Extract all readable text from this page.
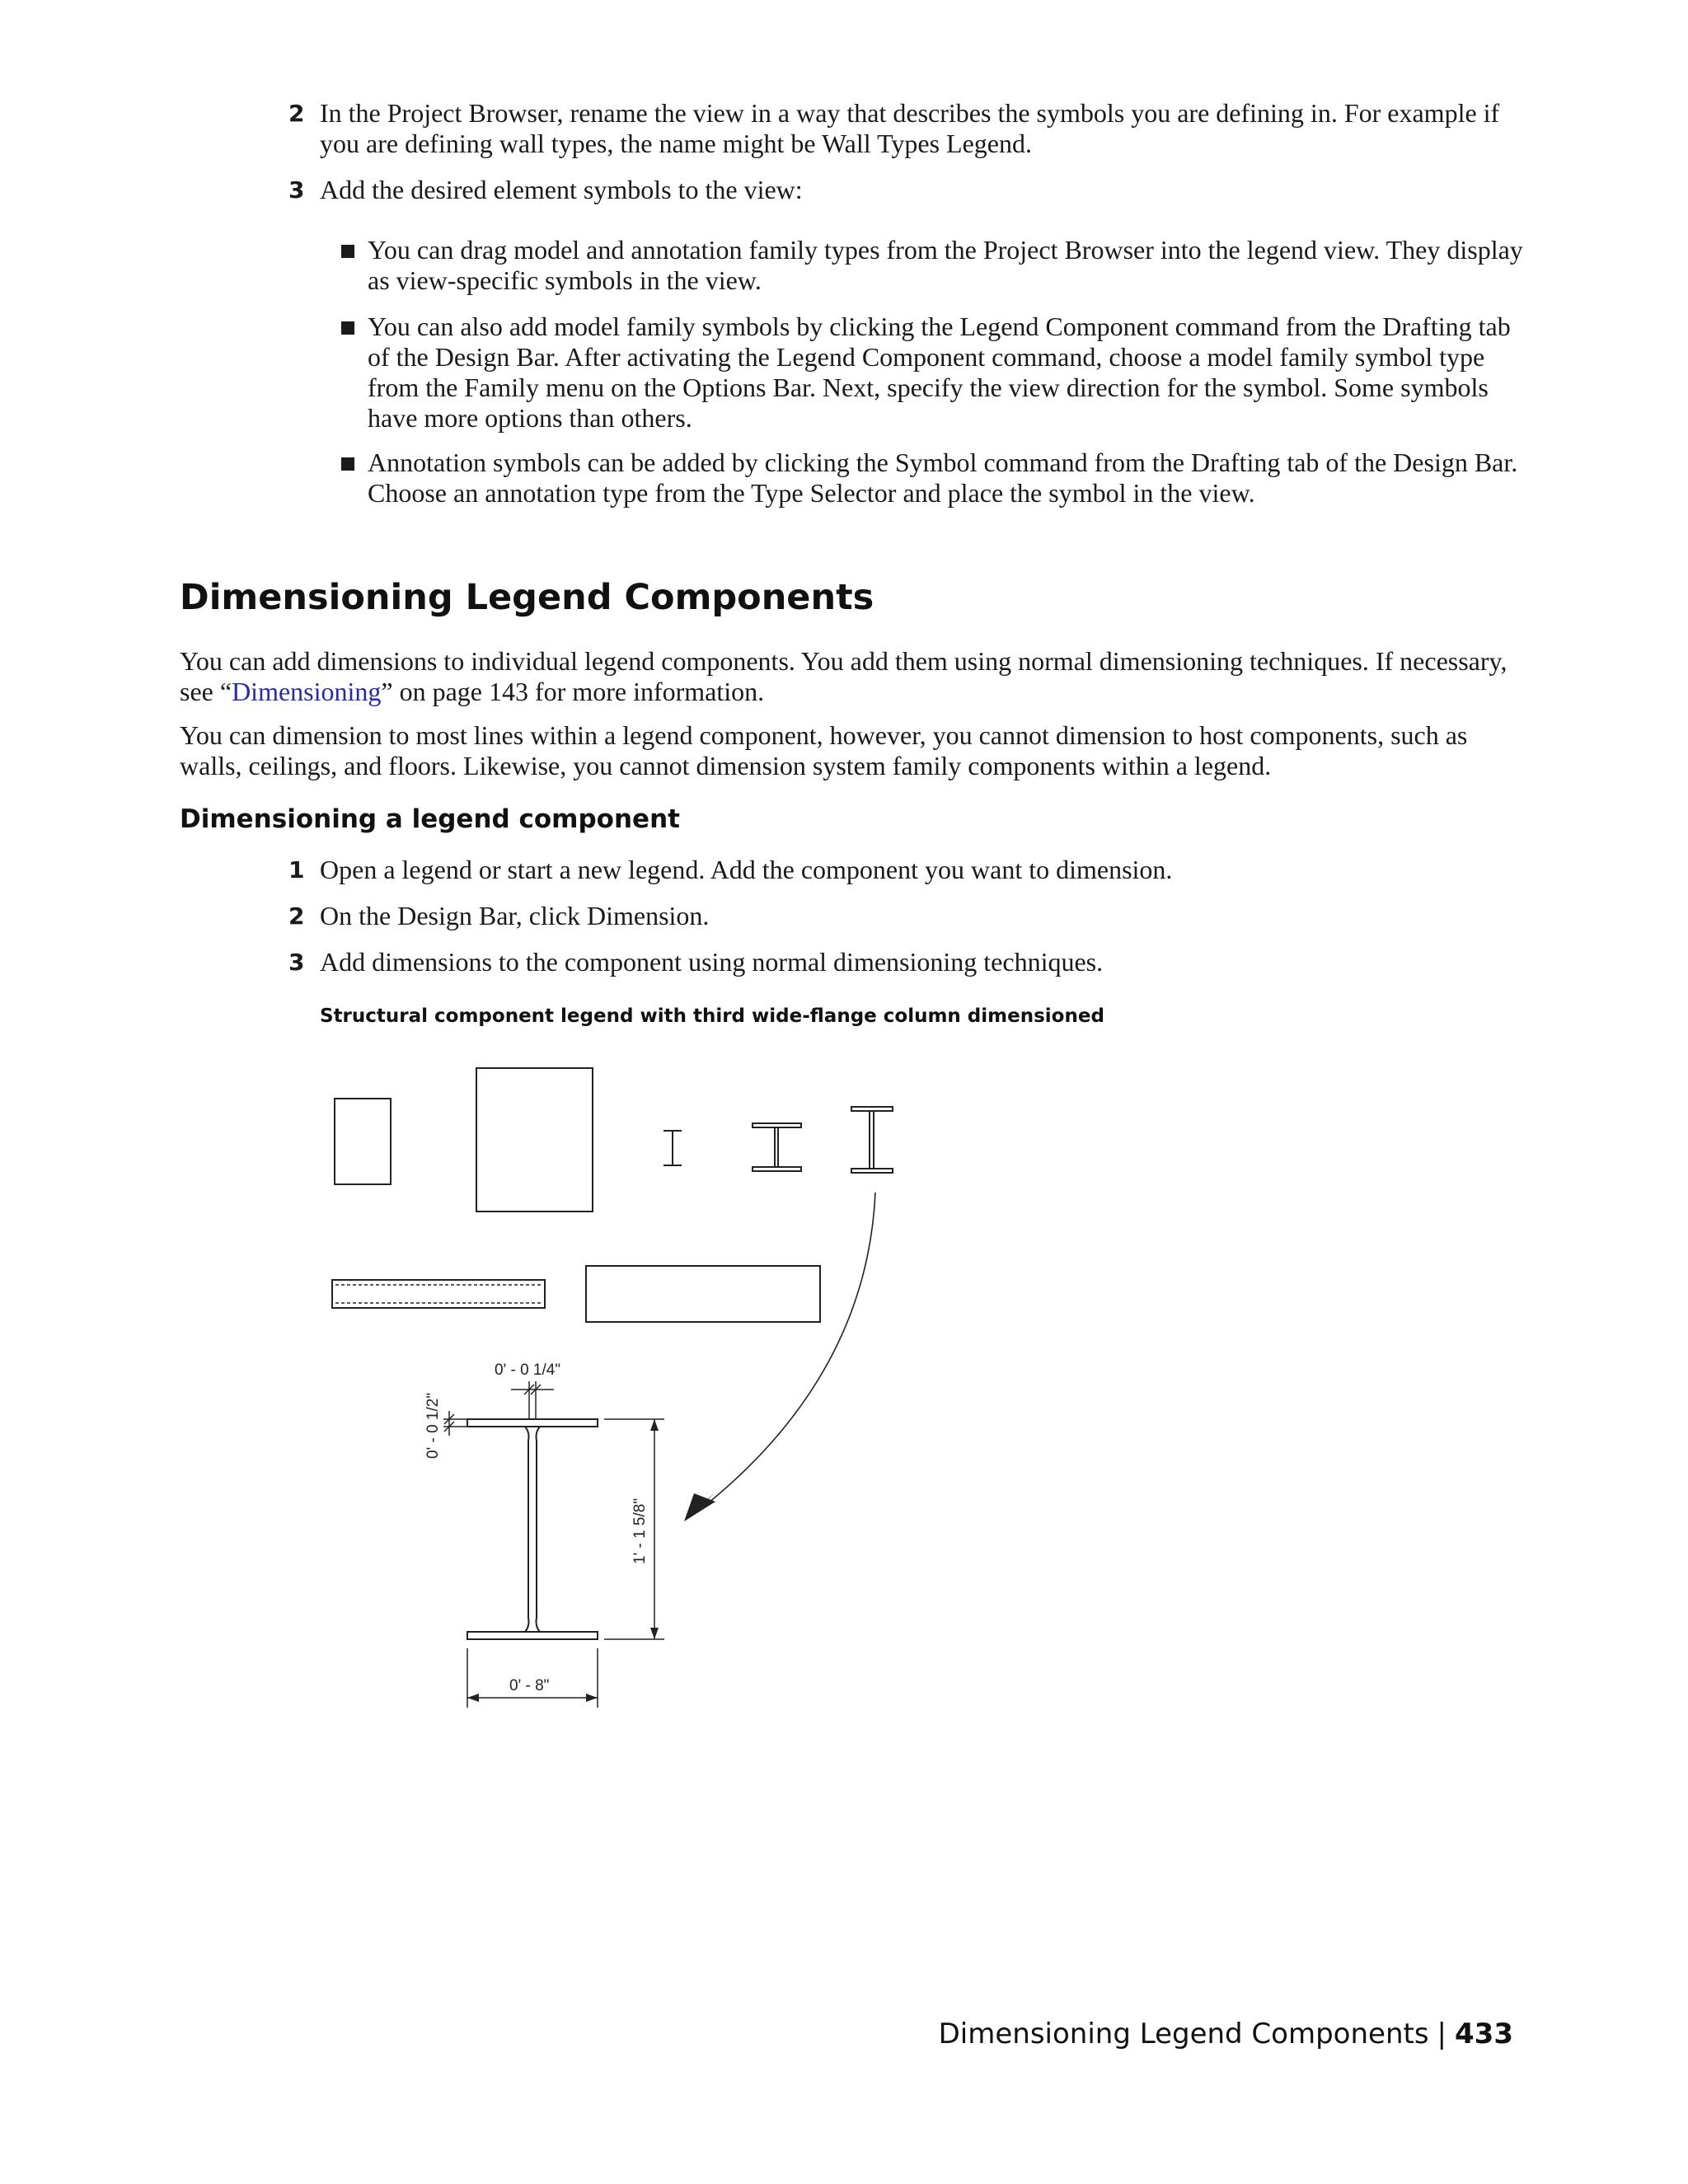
2 In the Project Browser, rename the view in a way that describes the symbols you are defining in. For example if you are defining wall types, the name might be Wall Types Legend.
3 Add the desired element symbols to the view:
You can drag model and annotation family types from the Project Browser into the legend view. They display as view-specific symbols in the view.
You can also add model family symbols by clicking the Legend Component command from the Drafting tab of the Design Bar. After activating the Legend Component command, choose a model family symbol type from the Family menu on the Options Bar. Next, specify the view direction for the symbol. Some symbols have more options than others.
Annotation symbols can be added by clicking the Symbol command from the Drafting tab of the Design Bar. Choose an annotation type from the Type Selector and place the symbol in the view.
Dimensioning Legend Components
You can add dimensions to individual legend components. You add them using normal dimensioning techniques. If necessary, see “Dimensioning” on page 143 for more information.
You can dimension to most lines within a legend component, however, you cannot dimension to host components, such as walls, ceilings, and floors. Likewise, you cannot dimension system family components within a legend.
Dimensioning a legend component
1 Open a legend or start a new legend. Add the component you want to dimension.
2 On the Design Bar, click Dimension.
3 Add dimensions to the component using normal dimensioning techniques.
Structural component legend with third wide-flange column dimensioned
0' - 0 1/4"
0' - 0 1/2"
1' - 1 5/8"
0' - 8"
Dimensioning Legend Components | 433
